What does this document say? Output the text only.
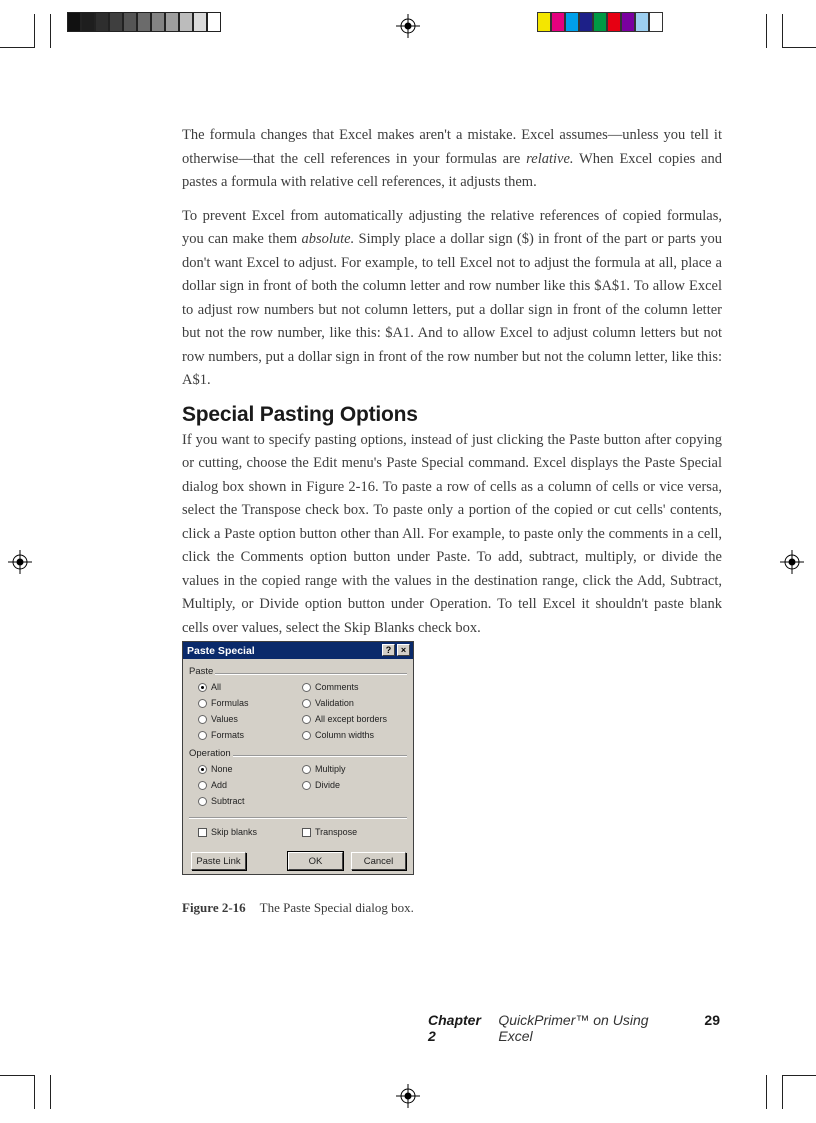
The formula changes that Excel makes aren't a mistake. Excel assumes—unless you tell it otherwise—that the cell references in your formulas are relative. When Excel copies and pastes a formula with relative cell references, it adjusts them.

To prevent Excel from automatically adjusting the relative references of copied formulas, you can make them absolute. Simply place a dollar sign ($) in front of the part or parts you don't want Excel to adjust. For example, to tell Excel not to adjust the formula at all, place a dollar sign in front of both the column letter and row number like this $A$1. To allow Excel to adjust row numbers but not column letters, put a dollar sign in front of the column letter but not the row number, like this: $A1. And to allow Excel to adjust column letters but not row numbers, put a dollar sign in front of the row number but not the column letter, like this: A$1.

Special Pasting Options

If you want to specify pasting options, instead of just clicking the Paste button after copying or cutting, choose the Edit menu's Paste Special command. Excel displays the Paste Special dialog box shown in Figure 2-16. To paste a row of cells as a column of cells or vice versa, select the Transpose check box. To paste only a portion of the copied or cut cells' contents, click a Paste option button other than All. For example, to paste only the comments in a cell, click the Comments option button under Paste. To add, subtract, multiply, or divide the values in the copied range with the values in the destination range, click the Add, Subtract, Multiply, or Divide option button under Operation. To tell Excel it shouldn't paste blank cells over values, select the Skip Blanks check box.

Paste Special	?	×
Paste
All
Formulas
Values
Formats
Comments
Validation
All except borders
Column widths
Operation
None
Add
Subtract
Multiply
Divide
Skip blanks	Transpose
Paste Link	OK	Cancel
Figure 2-16 The Paste Special dialog box.
Chapter 2
QuickPrimer™ on Using Excel
29
